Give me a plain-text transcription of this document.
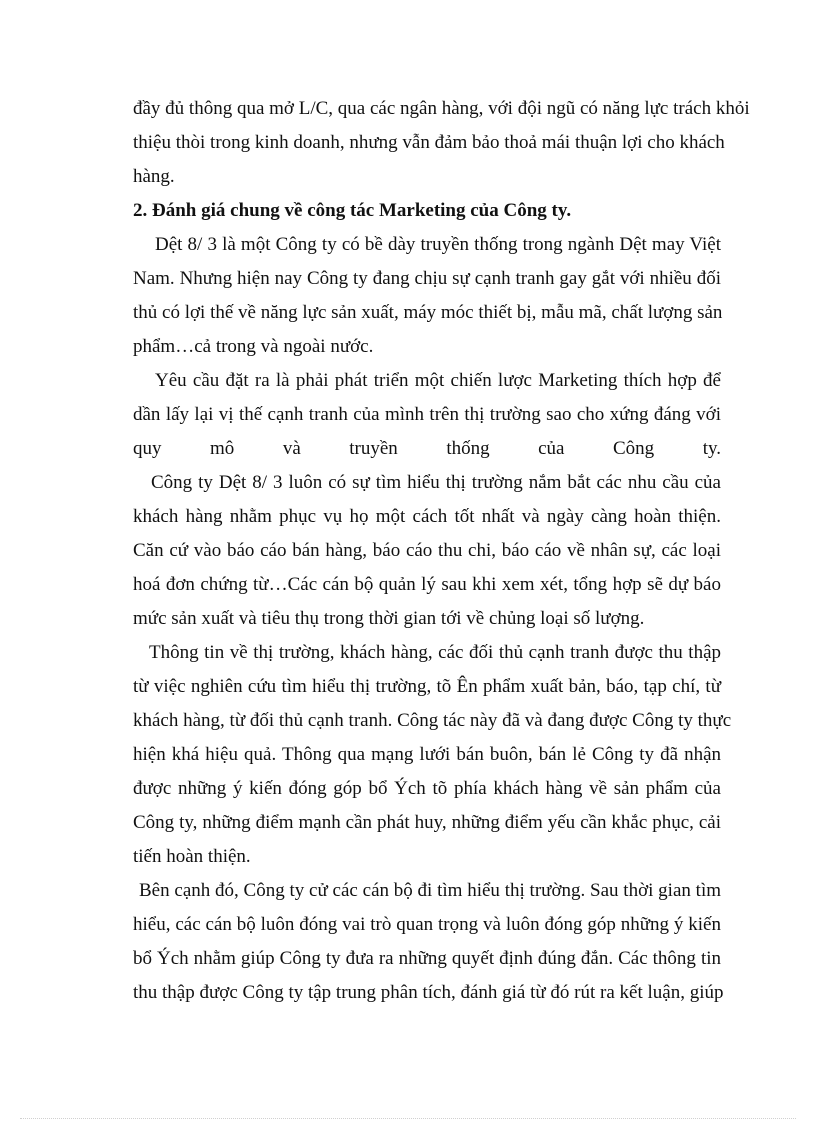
đầy đủ thông qua mở L/C, qua các ngân hàng, với đội ngũ có năng lực trách khỏi
thiệu thòi trong kinh doanh, nhưng vẫn đảm bảo thoả mái thuận lợi cho khách
hàng.
2. Đánh giá chung về công tác Marketing của Công ty.
Dệt 8/ 3 là một Công ty có bề dày truyền thống trong ngành Dệt may Việt
Nam. Nhưng hiện nay Công ty đang chịu sự cạnh tranh gay gắt với nhiều đối
thủ có lợi thế về năng lực sản xuất, máy móc thiết bị, mẫu mã, chất lượng sản
phẩm…cả trong và ngoài nước.
Yêu cầu đặt ra là phải phát triển một chiến lược Marketing thích hợp để
dần lấy lại vị thế cạnh tranh của mình trên thị trường sao cho xứng đáng với
quy mô và truyền thống của Công ty.
Công ty Dệt 8/ 3 luôn có sự tìm hiểu thị trường nắm bắt các nhu cầu của
khách hàng nhằm phục vụ họ một cách tốt nhất và ngày càng hoàn thiện.
Căn cứ vào báo cáo bán hàng, báo cáo thu chi, báo cáo về nhân sự, các loại
hoá đơn chứng từ…Các cán bộ quản lý sau khi xem xét, tổng hợp sẽ dự báo
mức sản xuất và tiêu thụ trong thời gian tới về chủng loại số lượng.
Thông tin về thị trường, khách hàng, các đối thủ cạnh tranh được thu thập
từ việc nghiên cứu tìm hiểu thị trường, tõ Ên phẩm xuất bản, báo, tạp chí, từ
khách hàng, từ đối thủ cạnh tranh. Công tác này đã và đang được Công ty thực
hiện khá hiệu quả. Thông qua mạng lưới bán buôn, bán lẻ Công ty đã nhận
được những ý kiến đóng góp bổ Ých tõ phía khách hàng về sản phẩm của
Công ty, những điểm mạnh cần phát huy, những điểm yếu cần khắc phục, cải
tiến hoàn thiện.
Bên cạnh đó, Công ty cử các cán bộ đi tìm hiểu thị trường. Sau thời gian tìm
hiểu, các cán bộ luôn đóng vai trò quan trọng và luôn đóng góp những ý kiến
bổ Ých nhằm giúp Công ty đưa ra những quyết định đúng đắn. Các thông tin
thu thập được Công ty tập trung phân tích, đánh giá từ đó rút ra kết luận, giúp
